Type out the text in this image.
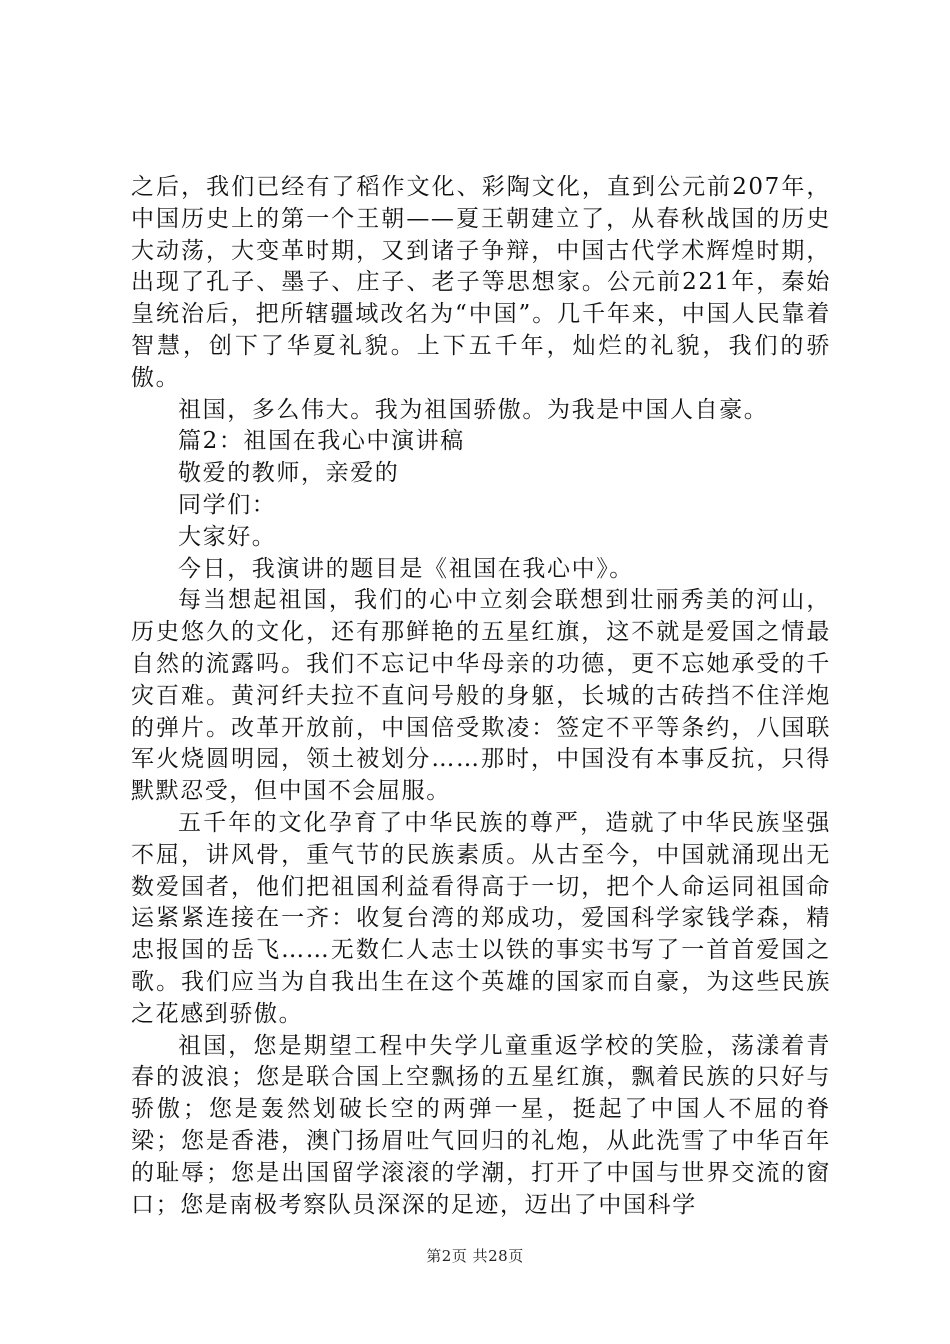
之后，我们已经有了稻作文化、彩陶文化，直到公元前207年，中国历史上的第一个王朝——夏王朝建立了，从春秋战国的历史大动荡，大变革时期，又到诸子争辩，中国古代学术辉煌时期，出现了孔子、墨子、庄子、老子等思想家。公元前221年，秦始皇统治后，把所辖疆域改名为“中国”。几千年来，中国人民靠着智慧，创下了华夏礼貌。上下五千年，灿烂的礼貌，我们的骄傲。

祖国，多么伟大。我为祖国骄傲。为我是中国人自豪。

篇2：祖国在我心中演讲稿

敬爱的教师，亲爱的

同学们：

大家好。

今日，我演讲的题目是《祖国在我心中》。

每当想起祖国，我们的心中立刻会联想到壮丽秀美的河山，历史悠久的文化，还有那鲜艳的五星红旗，这不就是爱国之情最自然的流露吗。我们不忘记中华母亲的功德，更不忘她承受的千灾百难。黄河纤夫拉不直问号般的身躯，长城的古砖挡不住洋炮的弹片。改革开放前，中国倍受欺凌：签定不平等条约，八国联军火烧圆明园，领土被划分……那时，中国没有本事反抗，只得默默忍受，但中国不会屈服。

五千年的文化孕育了中华民族的尊严，造就了中华民族坚强不屈，讲风骨，重气节的民族素质。从古至今，中国就涌现出无数爱国者，他们把祖国利益看得高于一切，把个人命运同祖国命运紧紧连接在一齐：收复台湾的郑成功，爱国科学家钱学森，精忠报国的岳飞……无数仁人志士以铁的事实书写了一首首爱国之歌。我们应当为自我出生在这个英雄的国家而自豪，为这些民族之花感到骄傲。

祖国，您是期望工程中失学儿童重返学校的笑脸，荡漾着青春的波浪；您是联合国上空飘扬的五星红旗，飘着民族的只好与骄傲；您是轰然划破长空的两弹一星，挺起了中国人不屈的脊梁；您是香港，澳门扬眉吐气回归的礼炮，从此洗雪了中华百年的耻辱；您是出国留学滚滚的学潮，打开了中国与世界交流的窗口；您是南极考察队员深深的足迹，迈出了中国科学

第2页 共28页
